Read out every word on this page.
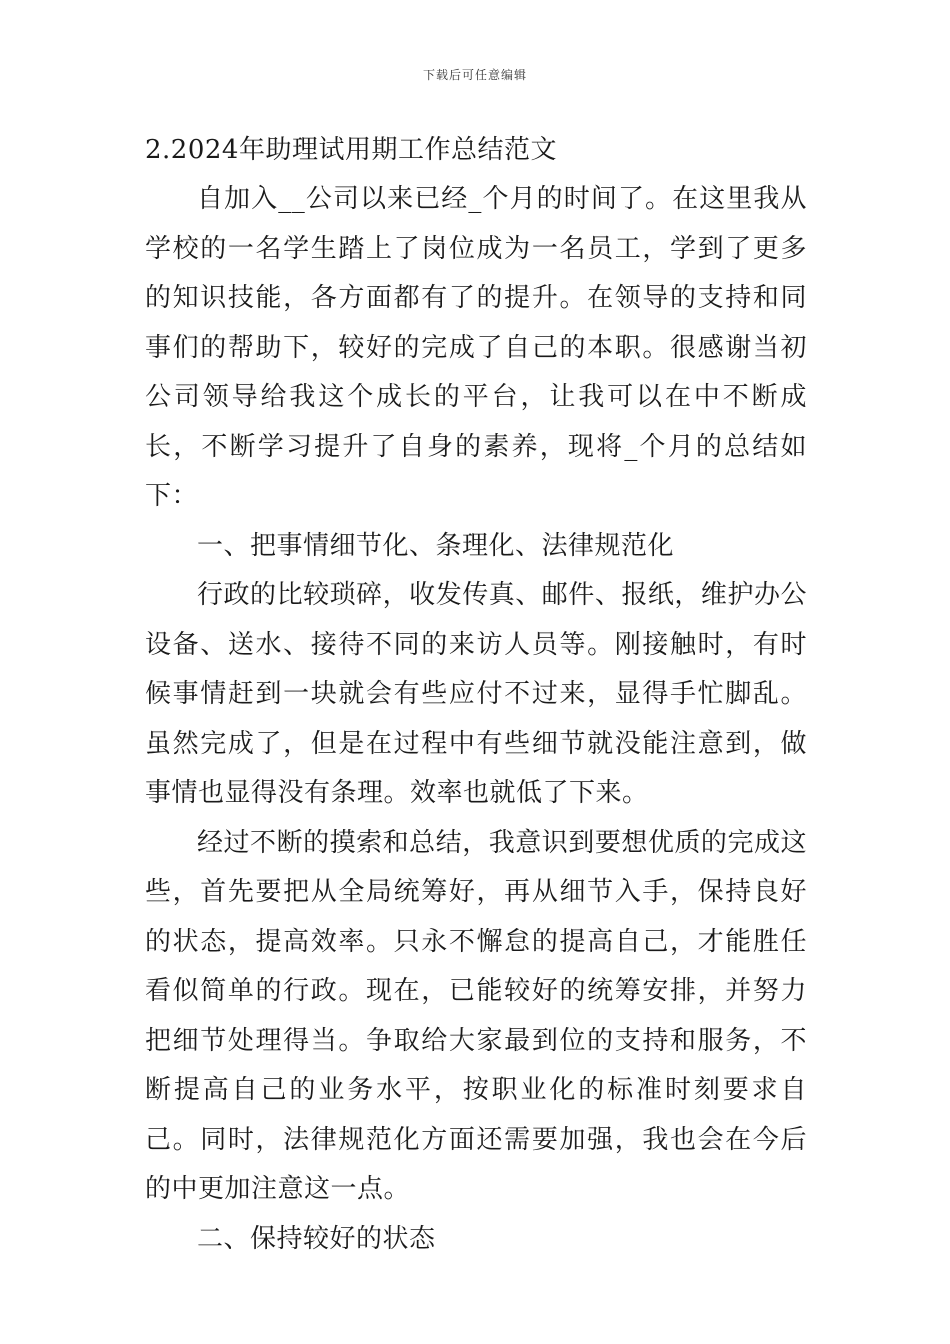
下载后可任意编辑
2.2024年助理试用期工作总结范文

自加入__公司以来已经_个月的时间了。在这里我从学校的一名学生踏上了岗位成为一名员工，学到了更多的知识技能，各方面都有了的提升。在领导的支持和同事们的帮助下，较好的完成了自己的本职。很感谢当初公司领导给我这个成长的平台，让我可以在中不断成长，不断学习提升了自身的素养，现将_个月的总结如下：

一、把事情细节化、条理化、法律规范化

行政的比较琐碎，收发传真、邮件、报纸，维护办公设备、送水、接待不同的来访人员等。刚接触时，有时候事情赶到一块就会有些应付不过来，显得手忙脚乱。虽然完成了，但是在过程中有些细节就没能注意到，做事情也显得没有条理。效率也就低了下来。

经过不断的摸索和总结，我意识到要想优质的完成这些，首先要把从全局统筹好，再从细节入手，保持良好的状态，提高效率。只永不懈怠的提高自己，才能胜任看似简单的行政。现在，已能较好的统筹安排，并努力把细节处理得当。争取给大家最到位的支持和服务，不断提高自己的业务水平，按职业化的标准时刻要求自己。同时，法律规范化方面还需要加强，我也会在今后的中更加注意这一点。

二、保持较好的状态
